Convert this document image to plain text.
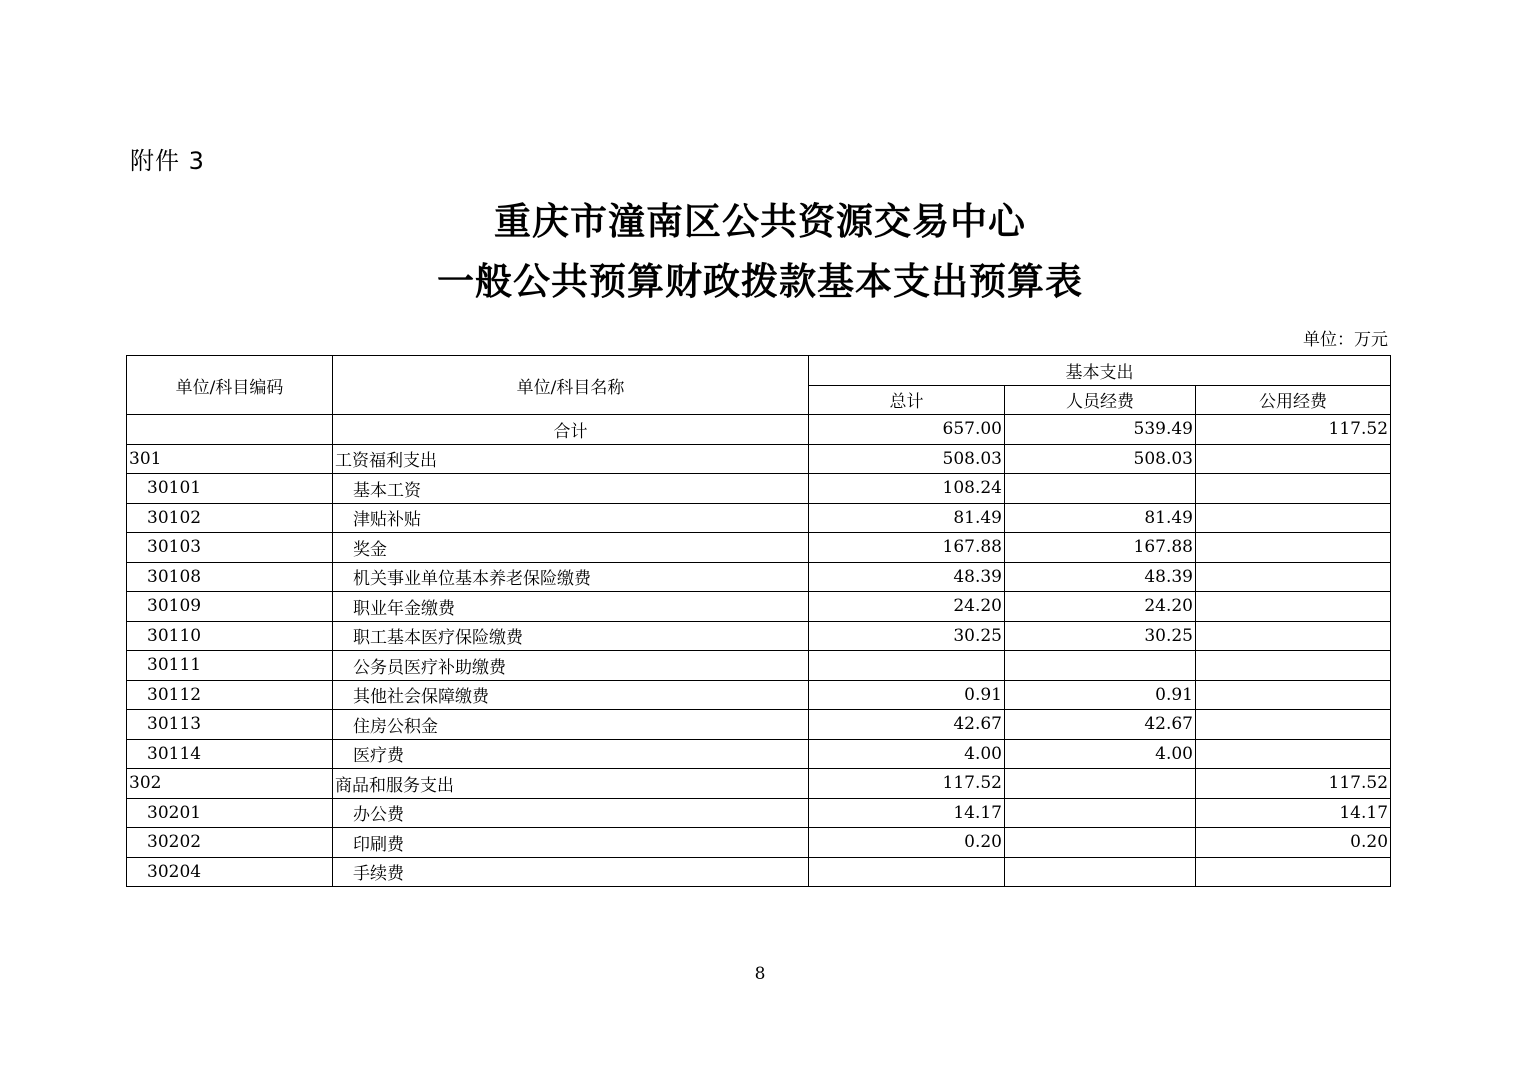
附件 3
重庆市潼南区公共资源交易中心
一般公共预算财政拨款基本支出预算表
单位：万元
单位/科目编码	单位/科目名称	基本支出		
		总计	人员经费	公用经费
	合计	657.00	539.49	117.52
301	工资福利支出	508.03	508.03	
30101	基本工资	108.24		
30102	津贴补贴	81.49	81.49	
30103	奖金	167.88	167.88	
30108	机关事业单位基本养老保险缴费	48.39	48.39	
30109	职业年金缴费	24.20	24.20	
30110	职工基本医疗保险缴费	30.25	30.25	
30111	公务员医疗补助缴费			
30112	其他社会保障缴费	0.91	0.91	
30113	住房公积金	42.67	42.67	
30114	医疗费	4.00	4.00	
302	商品和服务支出	117.52		117.52
30201	办公费	14.17		14.17
30202	印刷费	0.20		0.20
30204	手续费			
8
